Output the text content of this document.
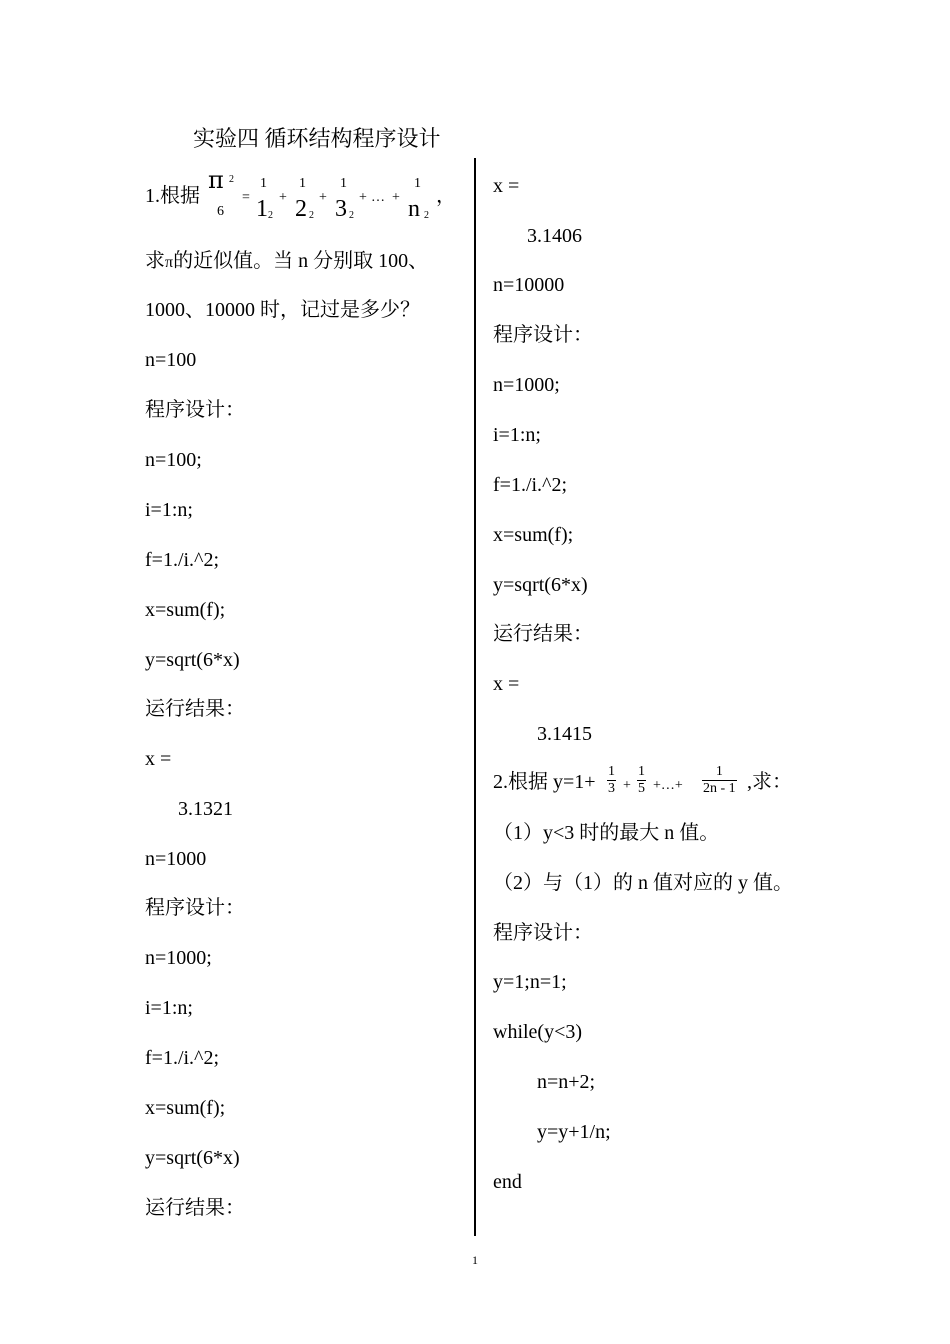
实验四 循环结构程序设计
1.根据
π 2
6
=
1
1 2
+
1
2 2
+
1
3 2
+ … +
1
n 2
，
求π的近似值。当 n 分别取 100、
1000、10000 时，记过是多少？
n=100
程序设计：
n=100;
i=1:n;
f=1./i.^2;
x=sum(f);
y=sqrt(6*x)
运行结果：
x =
3.1321
n=1000
程序设计：
n=1000;
i=1:n;
f=1./i.^2;
x=sum(f);
y=sqrt(6*x)
运行结果：
x =
3.1406
n=10000
程序设计：
n=1000;
i=1:n;
f=1./i.^2;
x=sum(f);
y=sqrt(6*x)
运行结果：
x =
3.1415
2.根据 y=1+ 1
3 +
1
5 +…+
1
2n - 1 ,求：
（1）y<3 时的最大 n 值。
（2）与（1）的 n 值对应的 y 值。
程序设计：
y=1;n=1;
while(y<3)
n=n+2;
y=y+1/n;
end
1
